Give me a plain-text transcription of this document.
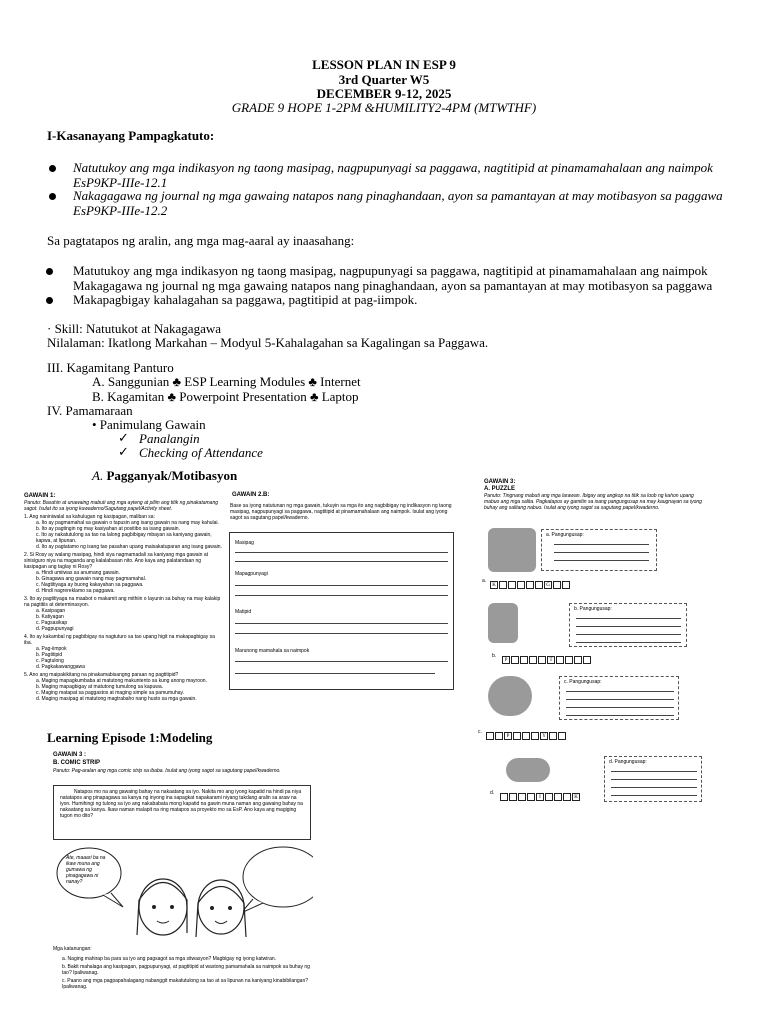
LESSON PLAN IN ESP 9
3rd Quarter W5
DECEMBER 9-12, 2025
GRADE 9 HOPE 1-2PM &HUMILITY2-4PM (MTWTHF)
I-Kasanayang Pampagkatuto:
Natutukoy ang mga indikasyon ng taong masipag, nagpupunyagi sa paggawa, nagtitipid at pinamamahalaan ang naimpok
EsP9KP-IIIe-12.1
Nakagagawa ng journal ng mga gawaing natapos nang pinaghandaan, ayon sa pamantayan at may motibasyon sa paggawa
EsP9KP-IIIe-12.2
Sa pagtatapos ng aralin, ang mga mag-aaral ay inaasahang:
Matutukoy ang mga indikasyon ng taong masipag, nagpupunyagi sa paggawa, nagtitipid at pinamamahalaan ang naimpok
Makagagawa ng journal ng mga gawaing natapos nang pinaghandaan, ayon sa pamantayan at may motibasyon sa paggawa
Makapagbigay kahalagahan sa paggawa, pagtitipid at pag-iimpok.
· Skill: Natutukot at Nakagagawa
Nilalaman: Ikatlong Markahan – Modyul 5-Kahalagahan sa Kagalingan sa Paggawa.
III. Kagamitang Panturo
A. Sanggunian ♣ ESP Learning Modules ♣ Internet
B. Kagamitan ♣ Powerpoint Presentation ♣ Laptop
IV. Pamamaraan
• Panimulang Gawain
✓ Panalangin
✓ Checking of Attendance
A. Pagganyak/Motibasyon
GAWAIN 1:
Panuto: Basahin at unawaing mabuti ang mga ayteng at piliin ang titik ng pinakatamang sagot. Isulat ito sa iyong kuwaderno/Sagutang papel/Activity sheet.
1. Ang naniniwalal sa kahulugan ng kasipagan, maliban sa:
a. Ito ay pagmamahal sa gawain o tapusin ang isang gawain na nang may kahulai.
b. Ito ay pagtingin ng may kasiyahan at positibo sa isang gawain.
c. Ito ay nakatutulong sa tao na lalong pagbibigay mbayan sa kaniyang gawain, kapwa, at lipunan.
d. Ito ay pagtatamo ng isang tao pasahan upang maisakatuparan ang isang gawain.
2. Si Rosy ay walang masipag, hindi siya nagmamadali sa kaniyang mga gawain at sinisiguro niya na maganda ang kalalabasan nito. Ano kaya ang palatandaan ng kasipagan ang taglay ni Rosy?
a. Hindi umiiwas sa anumang gawain.
b. Ginagawa ang gawain nang may pagmamahal.
c. Nagtitiyaga ay buong kakayahan sa paggawa.
d. Hindi nagrereklamo sa paggawa.
3. Ito ay pagtitiyaga na maabot o makamit ang mithiin o layunin sa buhay na may kalakip na pagtitiis at determinasyon.
a. Kasipagan
b. Katiyagan
c. Pagsasikap
d. Pagpupunyagi
4. Ito ay kakambal ng pagbibigay na nagtuturo sa tao upang higit na makapagbigay sa iba.
a. Pag-iimpok
b. Pagtitipid
c. Pagtulong
d. Pagkakawanggawa
5. Ano ang maipakikitang na pinakamabisangng paraan ng pagtitipid?
a. Maging mapagkumbaba at matutong makuntento sa kung anong mayroon.
b. Maging mapagbigay at matutong tumulong sa kapuwa.
c. Maging matapat sa paggastos at maging simple sa pamumuhay.
d. Maging masipag at matutong magtrabaho nang husto sa mga gawain.
GAWAIN 2.B:
Base sa iyong natutunan ng mga gawain, tukuyin sa mga ito ang nagbibigay ng indikasyon ng taong masipag, nagpupunyagi sa paggawa, nagtitipid at pinamamahalaan ang naimpok. Isulat ang iyong sagot sa sagutang papel/kwaderno.
Masipag
Mapagpunyagi
Matipid
Marunong mamahala sa naimpok
GAWAIN 3:
A. PUZZLE
Panuto: Tingnang mabuti ang mga larawan. Ibigay ang angkop na titik sa loob ng kahon upang mabuo ang mga salita. Pagkatapos ay gamitin sa isang pangungusap na may kaugnayan sa iyong buhay ang salitang nabuo. Isulat ang iyong sagot sa sagutang papel/kwaderno.
a. Pangungusap:
a.
K	G
b. Pangungusap:
b.
P	T
c. Pangungusap:
c.
P	Y
d. Pangungusap:
d.
I	K
Learning Episode 1:Modeling
GAWAIN 3 :
B. COMIC STRIP
Panuto: Pag-aralan ang mga comic strip sa ibaba. Isulat ang iyong sagot sa sagutang papel/kwaderno.
Natapos mo na ang gawaing bahay na nakaatang sa iyo. Nakita mo ang iyong kapatid na hindi pa niya natatapos ang pinapagawa sa kanya ng inyong ina sapagkat napakarami niyang takdang aralin sa araw na iyon. Humihingi ng tulong sa iyo ang nakababata mong kapatid na gawin muna naman ang gawaing bahay na nakaatang sa kanya. Ikaw naman malapit na ring matapos sa proyekto mo sa EsP. Ano kaya ang magiging tugon mo dito?
Ate, maaari ba na ikaw muna ang gumawa ng pinagagawa ni nanay?
Mga katanungan:
a. Naging mahirap ba para sa iyo ang pagsagot sa mga sitwasyon? Magbigay ng iyong katwiran.
b. Bakit mahalaga ang kasipagan, pagpupunyagi, at pagtitipid at wastong pamamahala sa naimpok sa buhay ng tao? Ipaliwanag.
c. Paano ang mga pagpapahalagang nabanggit makatutulong sa tao at sa lipunan na kaniyang kinabibilangan? Ipaliwanag.
